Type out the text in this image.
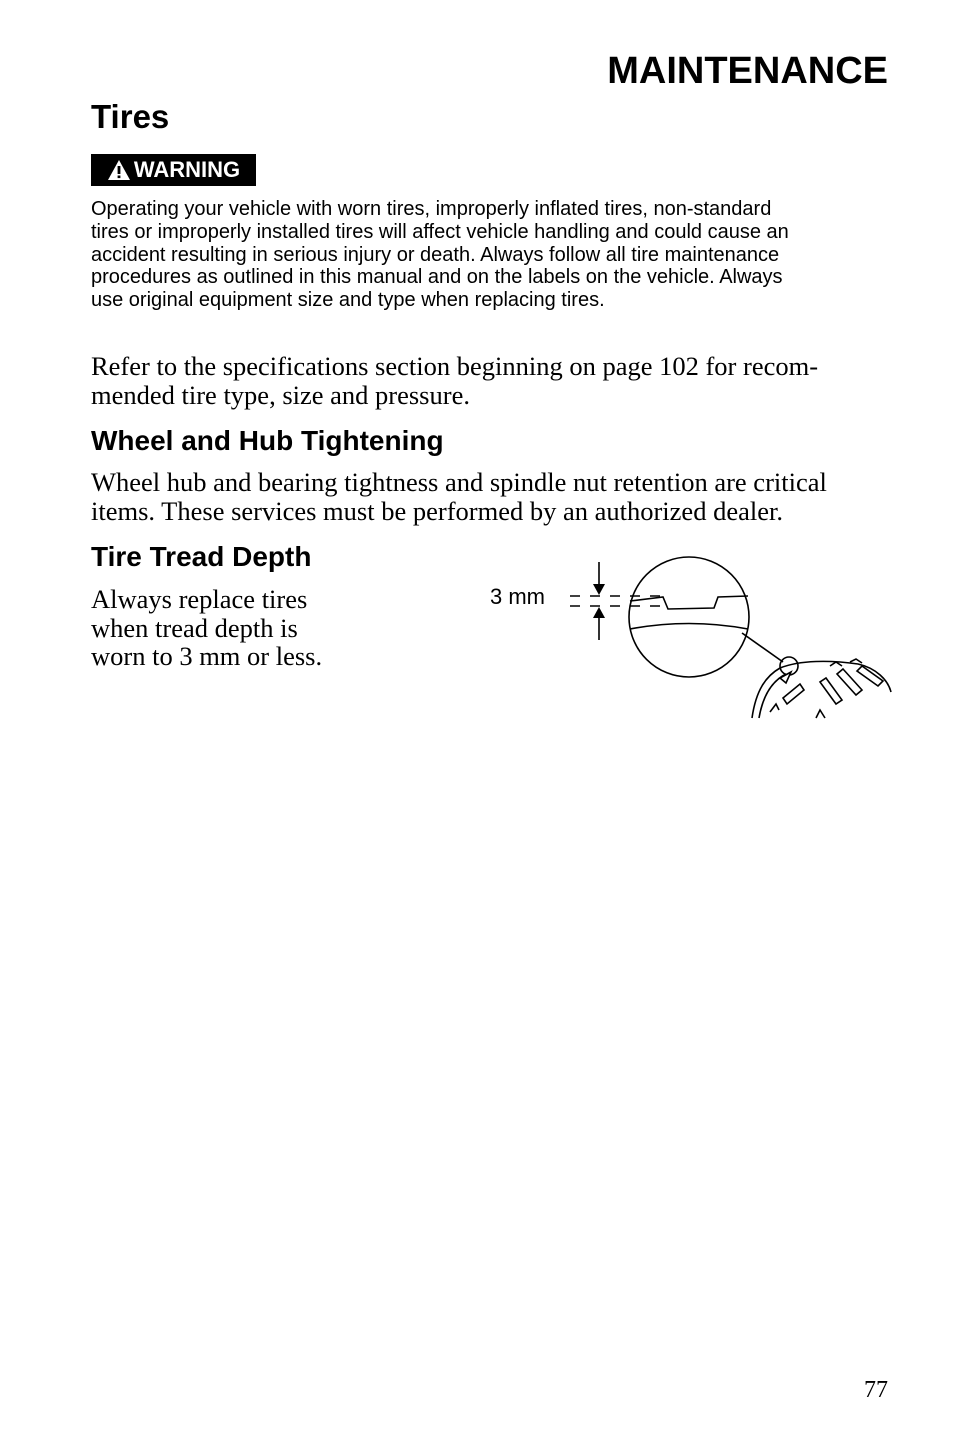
MAINTENANCE
Tires
WARNING
Operating your vehicle with worn tires, improperly inflated tires, non-standard
tires or improperly installed tires will affect vehicle handling and could cause an
accident resulting in serious injury or death. Always follow all tire maintenance
procedures as outlined in this manual and on the labels on the vehicle. Always
use original equipment size and type when replacing tires.
Refer to the specifications section beginning on page 102 for recom-
mended tire type, size and pressure.
Wheel and Hub Tightening
Wheel hub and bearing tightness and spindle nut retention are critical
items. These services must be performed by an authorized dealer.
Tire Tread Depth
Always replace tires
when tread depth is
worn to 3 mm or less.
3 mm
77
